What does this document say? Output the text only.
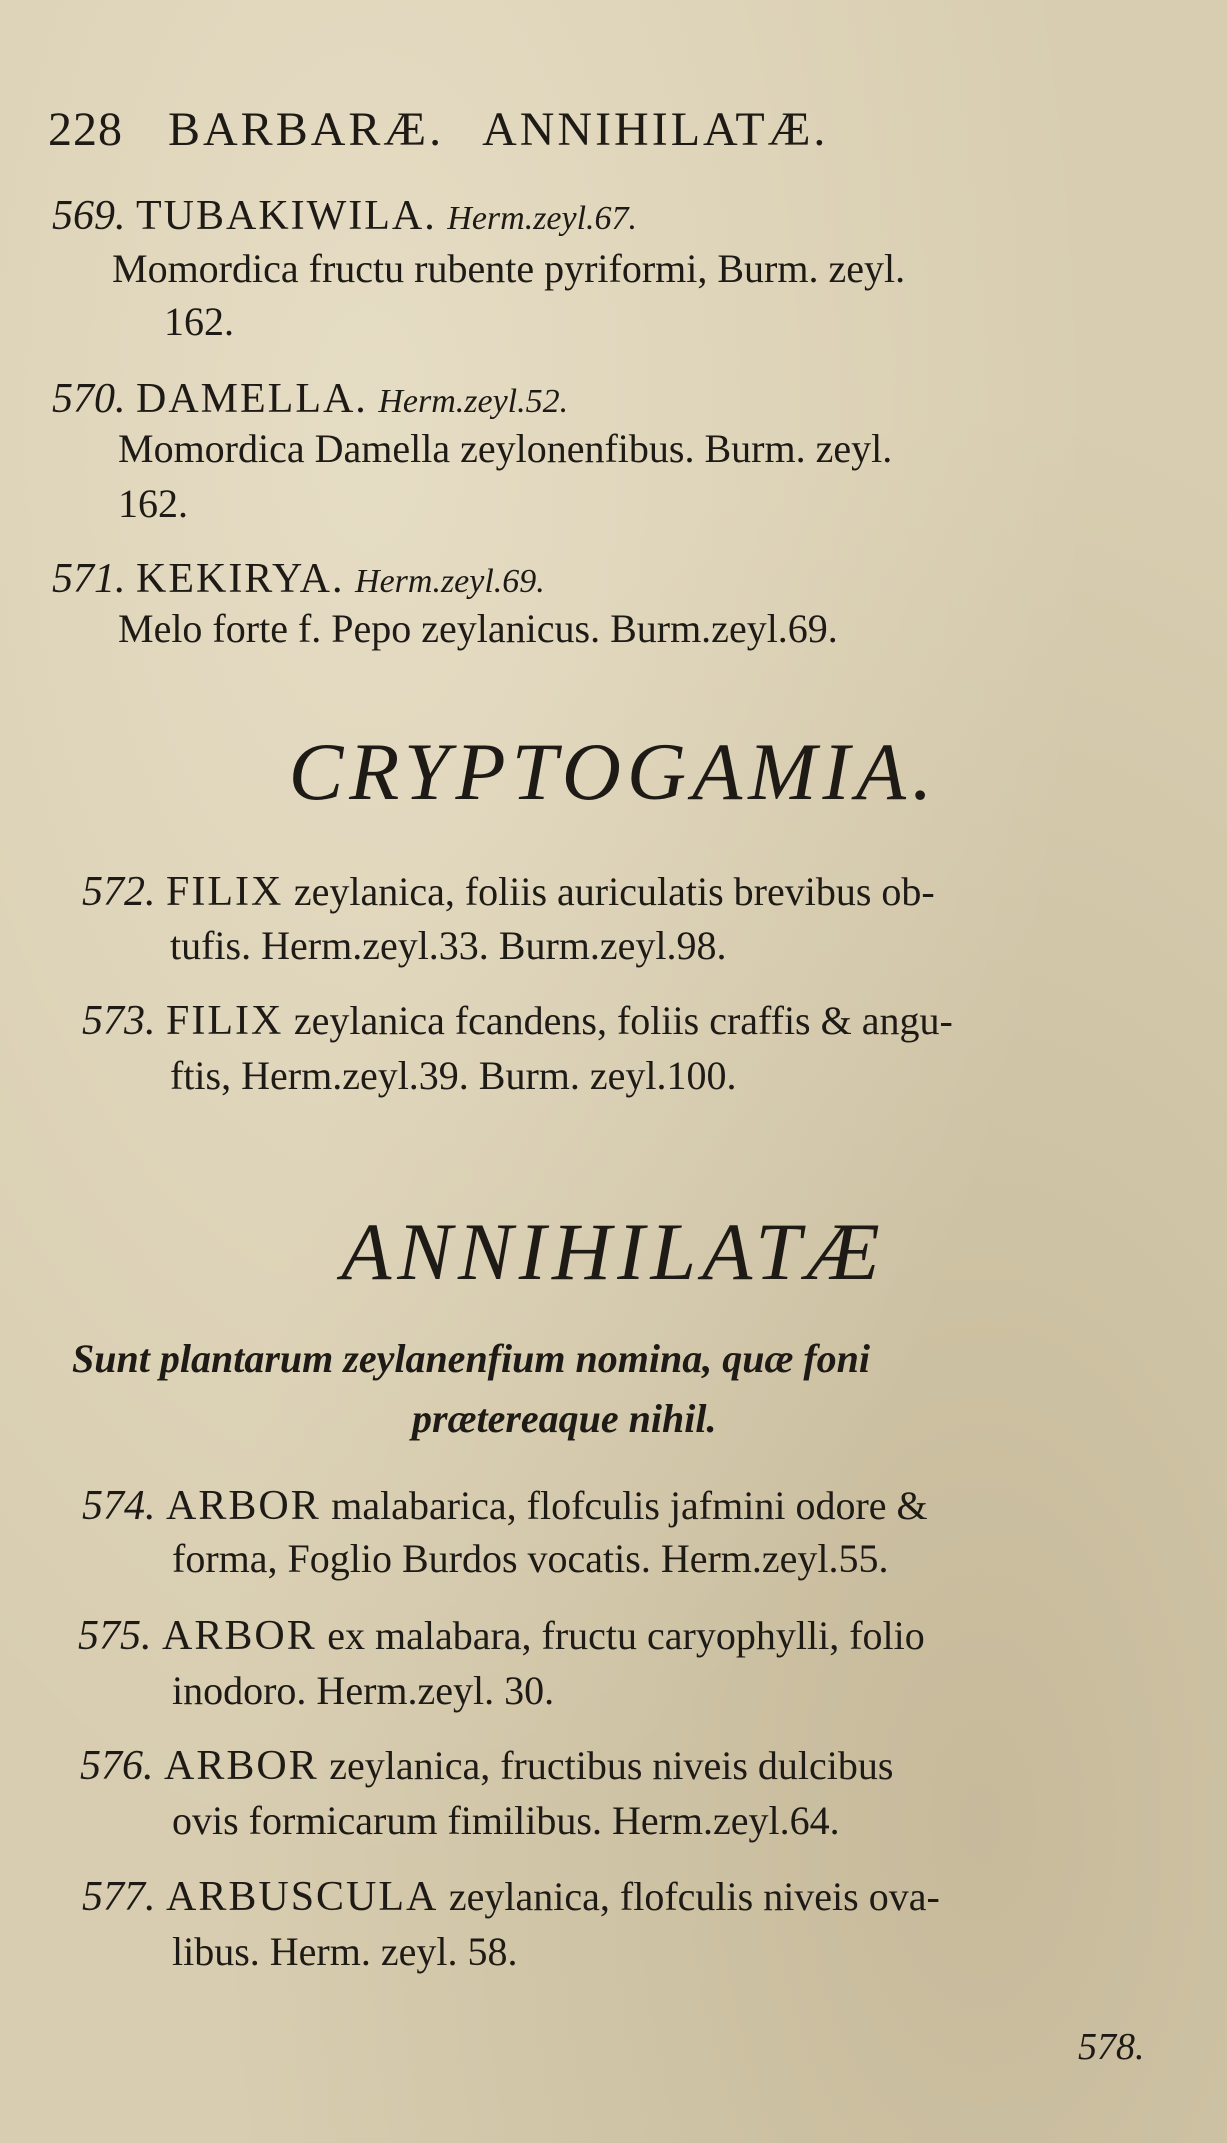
228 BARBARÆ. ANNIHILATÆ.
569. TUBAKIWILA. Herm.zeyl.67.
Momordica fructu rubente pyriformi, Burm. zeyl.
162.
570. DAMELLA. Herm.zeyl.52.
Momordica Damella zeylonenfibus. Burm. zeyl.
162.
571. KEKIRYA. Herm.zeyl.69.
Melo forte f. Pepo zeylanicus. Burm.zeyl.69.
CRYPTOGAMIA.
572. FILIX zeylanica, foliis auriculatis brevibus ob-
tufis. Herm.zeyl.33. Burm.zeyl.98.
573. FILIX zeylanica fcandens, foliis craffis & angu-
ftis, Herm.zeyl.39. Burm. zeyl.100.
ANNIHILATÆ
Sunt plantarum zeylanenfium nomina, quæ foni
prætereaque nihil.
574. ARBOR malabarica, flofculis jafmini odore &
forma, Foglio Burdos vocatis. Herm.zeyl.55.
575. ARBOR ex malabara, fructu caryophylli, folio
inodoro. Herm.zeyl. 30.
576. ARBOR zeylanica, fructibus niveis dulcibus
ovis formicarum fimilibus. Herm.zeyl.64.
577. ARBUSCULA zeylanica, flofculis niveis ova-
libus. Herm. zeyl. 58.
578.
